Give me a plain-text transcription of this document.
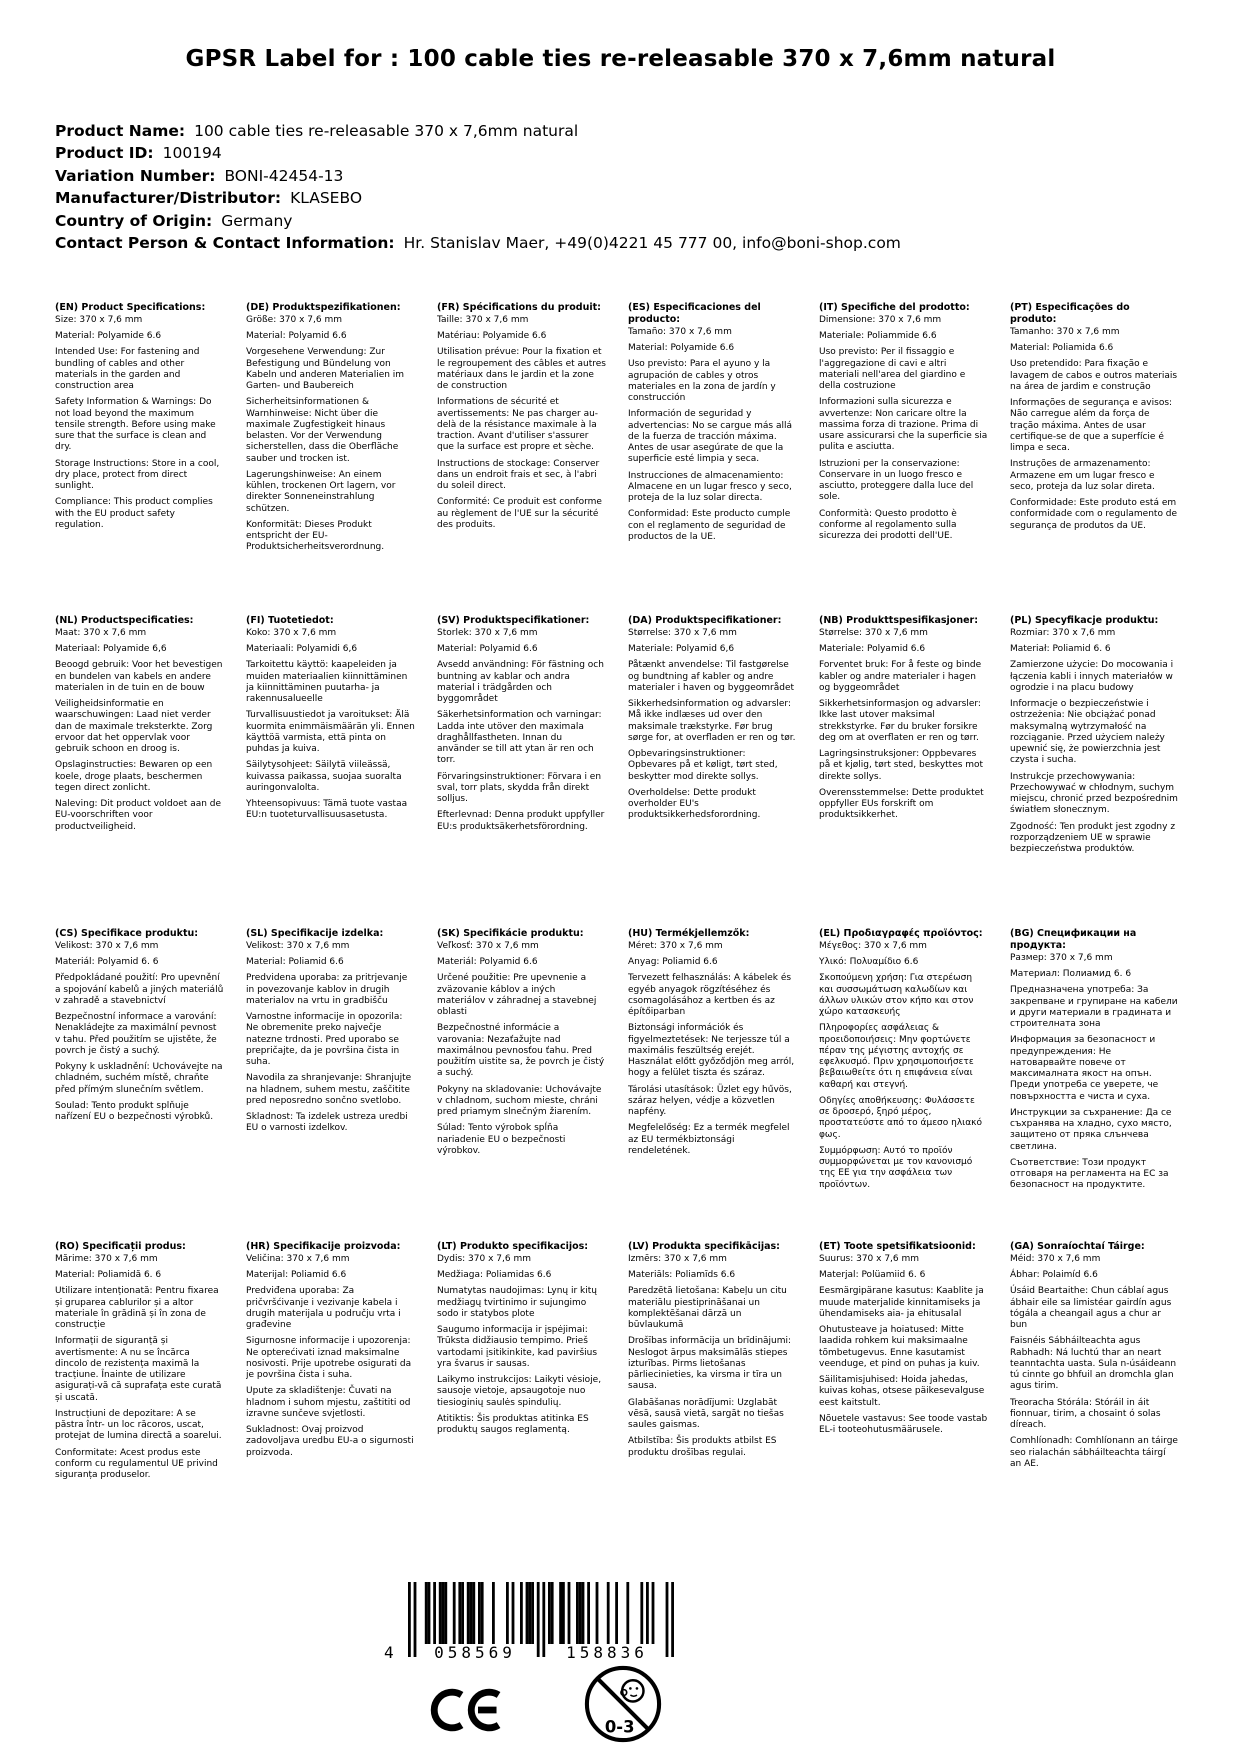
GPSR Label for : 100 cable ties re-releasable 370 x 7,6mm natural
Product Name: 100 cable ties re-releasable 370 x 7,6mm natural
Product ID: 100194
Variation Number: BONI-42454-13
Manufacturer/Distributor: KLASEBO
Country of Origin: Germany
Contact Person & Contact Information: Hr. Stanislav Maer, +49(0)4221 45 777 00, info@boni-shop.com
(EN) Product Specifications:

Size: 370 x 7,6 mm

Material: Polyamide 6.6

Intended Use: For fastening and bundling of cables and other materials in the garden and construction area

Safety Information & Warnings: Do not load beyond the maximum tensile strength. Before using make sure that the surface is clean and dry.

Storage Instructions: Store in a cool, dry place, protect from direct sunlight.

Compliance: This product complies with the EU product safety regulation.

(DE) Produktspezifikationen:

Größe: 370 x 7,6 mm

Material: Polyamid 6.6

Vorgesehene Verwendung: Zur Befestigung und Bündelung von Kabeln und anderen Materialien im Garten- und Baubereich

Sicherheitsinformationen & Warnhinweise: Nicht über die maximale Zugfestigkeit hinaus belasten. Vor der Verwendung sicherstellen, dass die Oberfläche sauber und trocken ist.

Lagerungshinweise: An einem kühlen, trockenen Ort lagern, vor direkter Sonneneinstrahlung schützen.

Konformität: Dieses Produkt entspricht der EU-Produktsicherheitsverordnung.

(FR) Spécifications du produit:

Taille: 370 x 7,6 mm

Matériau: Polyamide 6.6

Utilisation prévue: Pour la fixation et le regroupement des câbles et autres matériaux dans le jardin et la zone de construction

Informations de sécurité et avertissements: Ne pas charger au-delà de la résistance maximale à la traction. Avant d'utiliser s'assurer que la surface est propre et sèche.

Instructions de stockage: Conserver dans un endroit frais et sec, à l'abri du soleil direct.

Conformité: Ce produit est conforme au règlement de l'UE sur la sécurité des produits.

(ES) Especificaciones del producto:

Tamaño: 370 x 7,6 mm

Material: Polyamide 6.6

Uso previsto: Para el ayuno y la agrupación de cables y otros materiales en la zona de jardín y construcción

Información de seguridad y advertencias: No se cargue más allá de la fuerza de tracción máxima. Antes de usar asegúrate de que la superficie esté limpia y seca.

Instrucciones de almacenamiento: Almacene en un lugar fresco y seco, proteja de la luz solar directa.

Conformidad: Este producto cumple con el reglamento de seguridad de productos de la UE.

(IT) Specifiche del prodotto:

Dimensione: 370 x 7,6 mm

Materiale: Poliammide 6.6

Uso previsto: Per il fissaggio e l'aggregazione di cavi e altri materiali nell'area del giardino e della costruzione

Informazioni sulla sicurezza e avvertenze: Non caricare oltre la massima forza di trazione. Prima di usare assicurarsi che la superficie sia pulita e asciutta.

Istruzioni per la conservazione: Conservare in un luogo fresco e asciutto, proteggere dalla luce del sole.

Conformità: Questo prodotto è conforme al regolamento sulla sicurezza dei prodotti dell'UE.

(PT) Especificações do produto:

Tamanho: 370 x 7,6 mm

Material: Poliamida 6.6

Uso pretendido: Para fixação e lavagem de cabos e outros materiais na área de jardim e construção

Informações de segurança e avisos: Não carregue além da força de tração máxima. Antes de usar certifique-se de que a superfície é limpa e seca.

Instruções de armazenamento: Armazene em um lugar fresco e seco, proteja da luz solar direta.

Conformidade: Este produto está em conformidade com o regulamento de segurança de produtos da UE.

(NL) Productspecificaties:

Maat: 370 x 7,6 mm

Materiaal: Polyamide 6,6

Beoogd gebruik: Voor het bevestigen en bundelen van kabels en andere materialen in de tuin en de bouw

Veiligheidsinformatie en waarschuwingen: Laad niet verder dan de maximale treksterkte. Zorg ervoor dat het oppervlak voor gebruik schoon en droog is.

Opslaginstructies: Bewaren op een koele, droge plaats, beschermen tegen direct zonlicht.

Naleving: Dit product voldoet aan de EU-voorschriften voor productveiligheid.

(FI) Tuotetiedot:

Koko: 370 x 7,6 mm

Materiaali: Polyamidi 6,6

Tarkoitettu käyttö: kaapeleiden ja muiden materiaalien kiinnittäminen ja kiinnittäminen puutarha- ja rakennusalueelle

Turvallisuustiedot ja varoitukset: Älä kuormita enimmäismäärän yli. Ennen käyttöä varmista, että pinta on puhdas ja kuiva.

Säilytysohjeet: Säilytä viileässä, kuivassa paikassa, suojaa suoralta auringonvalolta.

Yhteensopivuus: Tämä tuote vastaa EU:n tuoteturvallisuusasetusta.

(SV) Produktspecifikationer:

Storlek: 370 x 7,6 mm

Material: Polyamid 6.6

Avsedd användning: För fästning och buntning av kablar och andra material i trädgården och byggområdet

Säkerhetsinformation och varningar: Ladda inte utöver den maximala draghållfastheten. Innan du använder se till att ytan är ren och torr.

Förvaringsinstruktioner: Förvara i en sval, torr plats, skydda från direkt solljus.

Efterlevnad: Denna produkt uppfyller EU:s produktsäkerhetsförordning.

(DA) Produktspecifikationer:

Størrelse: 370 x 7,6 mm

Materiale: Polyamid 6,6

Påtænkt anvendelse: Til fastgørelse og bundtning af kabler og andre materialer i haven og byggeområdet

Sikkerhedsinformation og advarsler: Må ikke indlæses ud over den maksimale trækstyrke. Før brug sørge for, at overfladen er ren og tør.

Opbevaringsinstruktioner: Opbevares på et køligt, tørt sted, beskytter mod direkte sollys.

Overholdelse: Dette produkt overholder EU's produktsikkerhedsforordning.

(NB) Produkttspesifikasjoner:

Størrelse: 370 x 7,6 mm

Materiale: Polyamid 6.6

Forventet bruk: For å feste og binde kabler og andre materialer i hagen og byggeområdet

Sikkerhetsinformasjon og advarsler: Ikke last utover maksimal strekkstyrke. Før du bruker forsikre deg om at overflaten er ren og tørr.

Lagringsinstruksjoner: Oppbevares på et kjølig, tørt sted, beskyttes mot direkte sollys.

Overensstemmelse: Dette produktet oppfyller EUs forskrift om produktsikkerhet.

(PL) Specyfikacje produktu:

Rozmiar: 370 x 7,6 mm

Materiał: Poliamid 6. 6

Zamierzone użycie: Do mocowania i łączenia kabli i innych materiałów w ogrodzie i na placu budowy

Informacje o bezpieczeństwie i ostrzeżenia: Nie obciążać ponad maksymalną wytrzymałość na rozciąganie. Przed użyciem należy upewnić się, że powierzchnia jest czysta i sucha.

Instrukcje przechowywania: Przechowywać w chłodnym, suchym miejscu, chronić przed bezpośrednim światłem słonecznym.

Zgodność: Ten produkt jest zgodny z rozporządzeniem UE w sprawie bezpieczeństwa produktów.

(CS) Specifikace produktu:

Velikost: 370 x 7,6 mm

Materiál: Polyamid 6. 6

Předpokládané použití: Pro upevnění a spojování kabelů a jiných materiálů v zahradě a stavebnictví

Bezpečnostní informace a varování: Nenakládejte za maximální pevnost v tahu. Před použitím se ujistěte, že povrch je čistý a suchý.

Pokyny k uskladnění: Uchovávejte na chladném, suchém místě, chraňte před přímým slunečním světlem.

Soulad: Tento produkt splňuje nařízení EU o bezpečnosti výrobků.

(SL) Specifikacije izdelka:

Velikost: 370 x 7,6 mm

Material: Poliamid 6.6

Predvidena uporaba: za pritrjevanje in povezovanje kablov in drugih materialov na vrtu in gradbišču

Varnostne informacije in opozorila: Ne obremenite preko največje natezne trdnosti. Pred uporabo se prepričajte, da je površina čista in suha.

Navodila za shranjevanje: Shranjujte na hladnem, suhem mestu, zaščitite pred neposredno sončno svetlobo.

Skladnost: Ta izdelek ustreza uredbi EU o varnosti izdelkov.

(SK) Špecifikácie produktu:

Veľkosť: 370 x 7,6 mm

Materiál: Polyamid 6.6

Určené použitie: Pre upevnenie a zväzovanie káblov a iných materiálov v záhradnej a stavebnej oblasti

Bezpečnostné informácie a varovania: Nezaťažujte nad maximálnou pevnosťou ťahu. Pred použitím uistite sa, že povrch je čistý a suchý.

Pokyny na skladovanie: Uchovávajte v chladnom, suchom mieste, chráni pred priamym slnečným žiarením.

Súlad: Tento výrobok spĺňa nariadenie EU o bezpečnosti výrobkov.

(HU) Termékjellemzők:

Méret: 370 x 7,6 mm

Anyag: Poliamid 6.6

Tervezett felhasználás: A kábelek és egyéb anyagok rögzítéséhez és csomagolásához a kertben és az építőiparban

Biztonsági információk és figyelmeztetések: Ne terjessze túl a maximális feszültség erejét. Használat előtt győződjön meg arról, hogy a felület tiszta és száraz.

Tárolási utasítások: Üzlet egy hűvös, száraz helyen, védje a közvetlen napfény.

Megfelelőség: Ez a termék megfelel az EU termékbiztonsági rendeletének.

(EL) Προδιαγραφές προϊόντος:

Μέγεθος: 370 x 7,6 mm

Υλικό: Πολυαμίδιο 6.6

Σκοπούμενη χρήση: Για στερέωση και συσσωμάτωση καλωδίων και άλλων υλικών στον κήπο και στον χώρο κατασκευής

Πληροφορίες ασφάλειας & προειδοποιήσεις: Μην φορτώνετε πέραν της μέγιστης αντοχής σε εφελκυσμό. Πριν χρησιμοποιήσετε βεβαιωθείτε ότι η επιφάνεια είναι καθαρή και στεγνή.

Οδηγίες αποθήκευσης: Φυλάσσετε σε δροσερό, ξηρό μέρος, προστατεύστε από το άμεσο ηλιακό φως.

Συμμόρφωση: Αυτό το προϊόν συμμορφώνεται με τον κανονισμό της ΕΕ για την ασφάλεια των προϊόντων.

(BG) Спецификации на продукта:

Размер: 370 x 7,6 mm

Материал: Полиамид 6. 6

Предназначена употреба: За закрепване и групиране на кабели и други материали в градината и строителната зона

Информация за безопасност и предупреждения: Не натоварвайте повече от максималната якост на опън. Преди употреба се уверете, че повърхността е чиста и суха.

Инструкции за съхранение: Да се съхранява на хладно, сухо място, защитено от пряка слънчева светлина.

Съответствие: Този продукт отговаря на регламента на ЕС за безопасност на продуктите.

(RO) Specificații produs:

Mărime: 370 x 7,6 mm

Material: Poliamidă 6. 6

Utilizare intenționată: Pentru fixarea și gruparea cablurilor și a altor materiale în grădină și în zona de construcție

Informații de siguranță și avertismente: A nu se încărca dincolo de rezistența maximă la tracțiune. Înainte de utilizare asigurați-vă că suprafața este curată și uscată.

Instrucțiuni de depozitare: A se păstra într- un loc răcoros, uscat, protejat de lumina directă a soarelui.

Conformitate: Acest produs este conform cu regulamentul UE privind siguranța produselor.

(HR) Specifikacije proizvoda:

Veličina: 370 x 7,6 mm

Materijal: Poliamid 6.6

Predviđena uporaba: Za pričvršćivanje i vezivanje kabela i drugih materijala u području vrta i građevine

Sigurnosne informacije i upozorenja: Ne opterećivati iznad maksimalne nosivosti. Prije upotrebe osigurati da je površina čista i suha.

Upute za skladištenje: Čuvati na hladnom i suhom mjestu, zaštititi od izravne sunčeve svjetlosti.

Sukladnost: Ovaj proizvod zadovoljava uredbu EU-a o sigurnosti proizvoda.

(LT) Produkto specifikacijos:

Dydis: 370 x 7,6 mm

Medžiaga: Poliamidas 6.6

Numatytas naudojimas: Lynų ir kitų medžiagų tvirtinimo ir sujungimo sodo ir statybos plote

Saugumo informacija ir įspėjimai: Trūksta didžiausio tempimo. Prieš vartodami įsitikinkite, kad paviršius yra švarus ir sausas.

Laikymo instrukcijos: Laikyti vėsioje, sausoje vietoje, apsaugotoje nuo tiesioginių saulės spindulių.

Atitiktis: Šis produktas atitinka ES produktų saugos reglamentą.

(LV) Produkta specifikācijas:

Izmērs: 370 x 7,6 mm

Materiāls: Poliamīds 6.6

Paredzētā lietošana: Kabeļu un citu materiālu piestiprināšanai un komplektēšanai dārzā un būvlaukumā

Drošības informācija un brīdinājumi: Neslogot ārpus maksimālās stiepes izturības. Pirms lietošanas pārliecinieties, ka virsma ir tīra un sausa.

Glabāšanas norādījumi: Uzglabāt vēsā, sausā vietā, sargāt no tiešas saules gaismas.

Atbilstība: Šis produkts atbilst ES produktu drošības regulai.

(ET) Toote spetsifikatsioonid:

Suurus: 370 x 7,6 mm

Materjal: Polüamiid 6. 6

Eesmärgipärane kasutus: Kaablite ja muude materjalide kinnitamiseks ja ühendamiseks aia- ja ehitusalal

Ohutusteave ja hoiatused: Mitte laadida rohkem kui maksimaalne tõmbetugevus. Enne kasutamist veenduge, et pind on puhas ja kuiv.

Säilitamisjuhised: Hoida jahedas, kuivas kohas, otsese päikesevalguse eest kaitstult.

Nõuetele vastavus: See toode vastab EL-i tooteohutusmäärusele.

(GA) Sonraíochtaí Táirge:

Méid: 370 x 7,6 mm

Ábhar: Polaimíd 6.6

Úsáid Beartaithe: Chun cáblaí agus ábhair eile sa limistéar gairdín agus tógála a cheangail agus a chur ar bun

Faisnéis Sábháilteachta agus Rabhadh: Ná luchtú thar an neart teanntachta uasta. Sula n-úsáideann tú cinnte go bhfuil an dromchla glan agus tirim.

Treoracha Stórála: Stóráil in áit fionnuar, tirim, a chosaint ó solas díreach.

Comhlíonadh: Comhlíonann an táirge seo rialachán sábháilteachta táirgí an AE.

4	058569	158836
0-3
